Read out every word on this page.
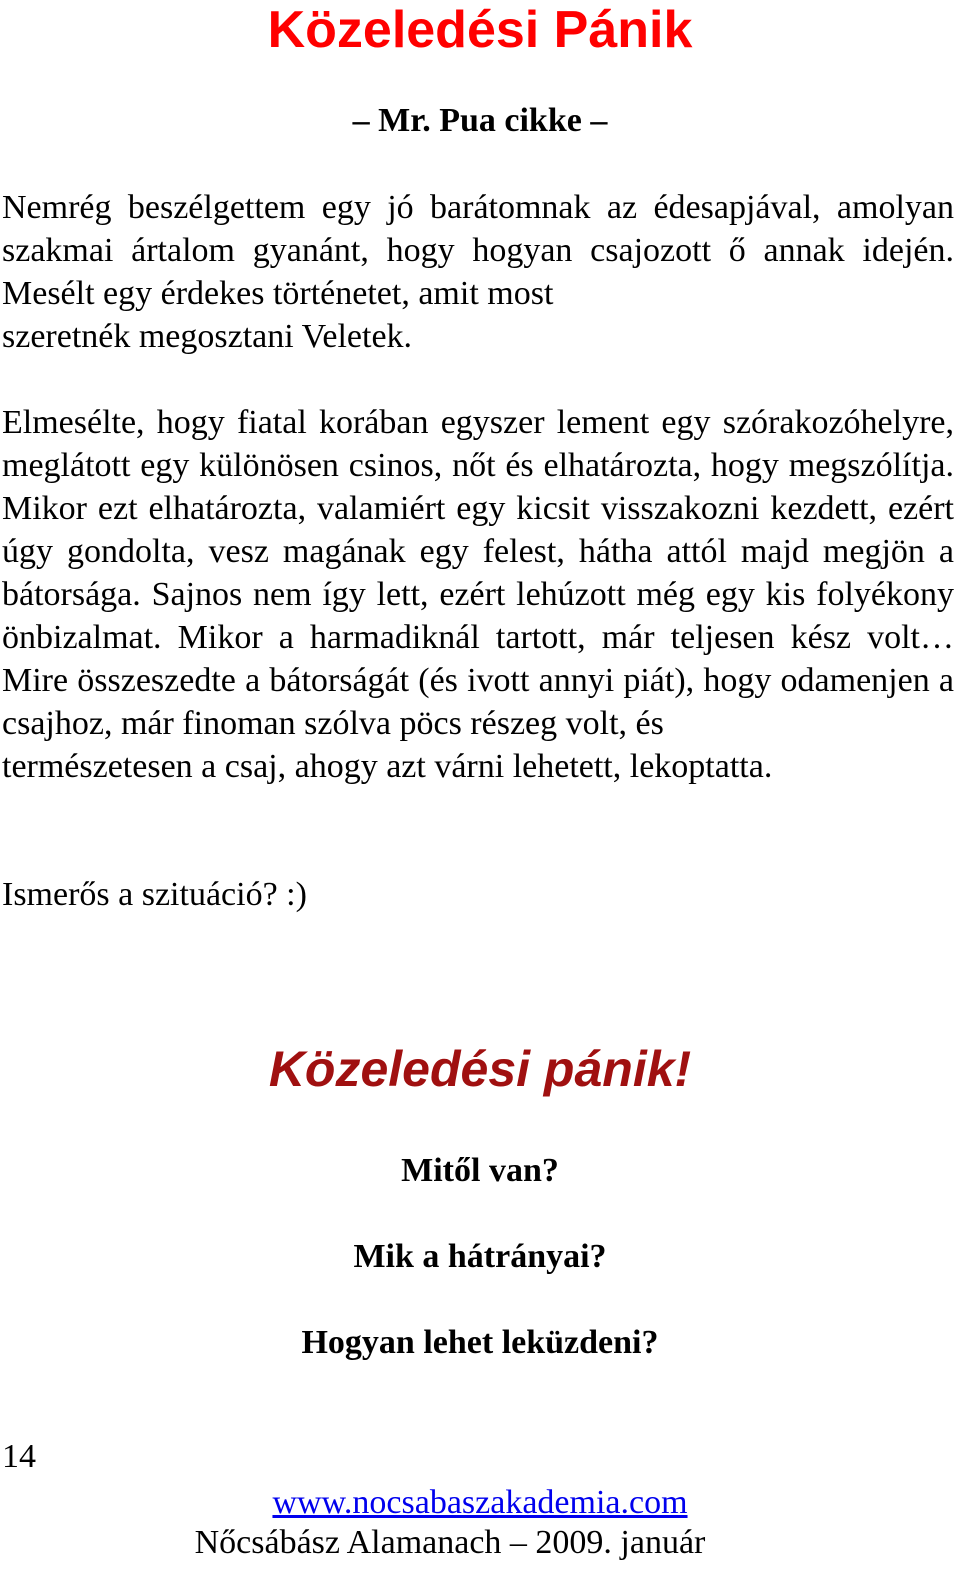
Közeledési Pánik

– Mr. Pua cikke –

Nemrég beszélgettem egy jó barátomnak az édesapjával, amolyan szakmai ártalom gyanánt, hogy hogyan csajozott ő annak idején. Mesélt egy érdekes történetet, amit most
szeretnék megosztani Veletek.

Elmesélte, hogy fiatal korában egyszer lement egy szórakozóhelyre, meglátott egy különösen csinos, nőt és elhatározta, hogy megszólítja. Mikor ezt elhatározta, valamiért egy kicsit visszakozni kezdett, ezért úgy gondolta, vesz magának egy felest, hátha attól majd megjön a bátorsága. Sajnos nem így lett, ezért lehúzott még egy kis folyékony önbizalmat. Mikor a harmadiknál tartott, már teljesen kész volt… Mire összeszedte a bátorságát (és ivott annyi piát), hogy odamenjen a csajhoz, már finoman szólva pöcs részeg volt, és
természetesen a csaj, ahogy azt várni lehetett, lekoptatta.

Ismerős a szituáció? :)

Közeledési pánik!

Mitől van?

Mik a hátrányai?

Hogyan lehet leküzdeni?

14

www.nocsabaszakademia.com

Nőcsábász Alamanach – 2009. január
